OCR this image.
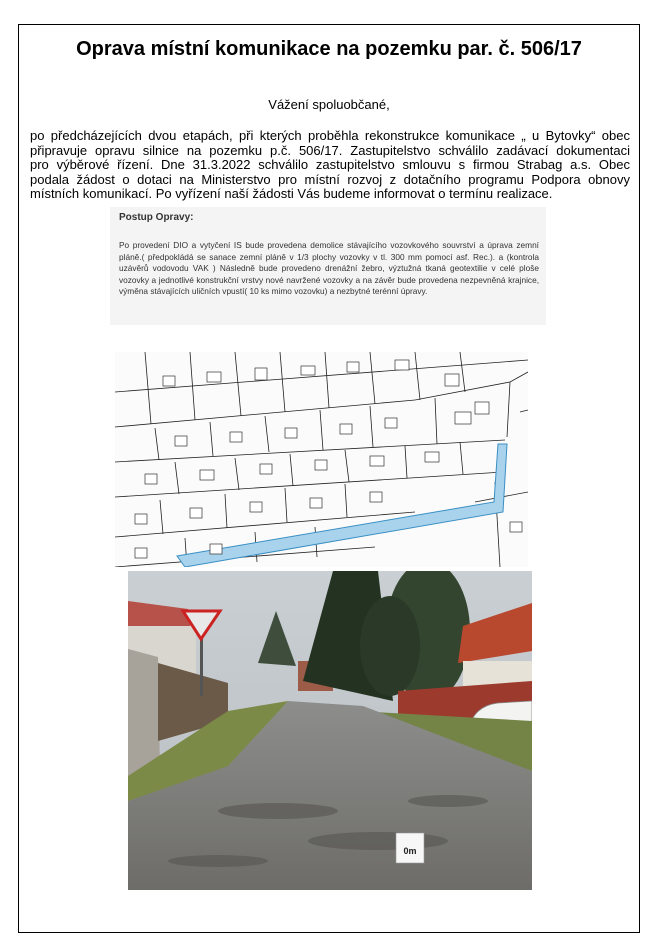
Oprava místní komunikace na pozemku par. č. 506/17

Vážení spoluobčané,

po předcházejících dvou etapách, při kterých proběhla rekonstrukce komunikace „ u Bytovky“ obec
připravuje opravu silnice na pozemku p.č. 506/17. Zastupitelstvo schválilo zadávací dokumentaci
pro výběrové řízení. Dne 31.3.2022 schválilo zastupitelstvo smlouvu s firmou Strabag a.s. Obec
podala žádost o dotaci na Ministerstvo pro místní rozvoj z dotačního programu Podpora obnovy
místních komunikací. Po vyřízení naší žádosti Vás budeme informovat o termínu realizace.

Postup Opravy:

Po provedení DIO a vytyčení IS bude provedena demolice stávajícího vozovkového souvrství a úprava zemní pláně.( předpokládá se sanace zemní pláně v 1/3 plochy vozovky v tl. 300 mm pomocí asf. Rec.). a (kontrola uzávěrů vodovodu VAK ) Následně bude provedeno drenážní žebro, výztužná tkaná geotextilie v celé ploše vozovky a jednotlivé konstrukční vrstvy nové navržené vozovky a na závěr bude provedena nezpevněná krajnice, výměna stávajících uličních vpustí( 10 ks mimo vozovku) a nezbytné terénní úpravy.

0m
